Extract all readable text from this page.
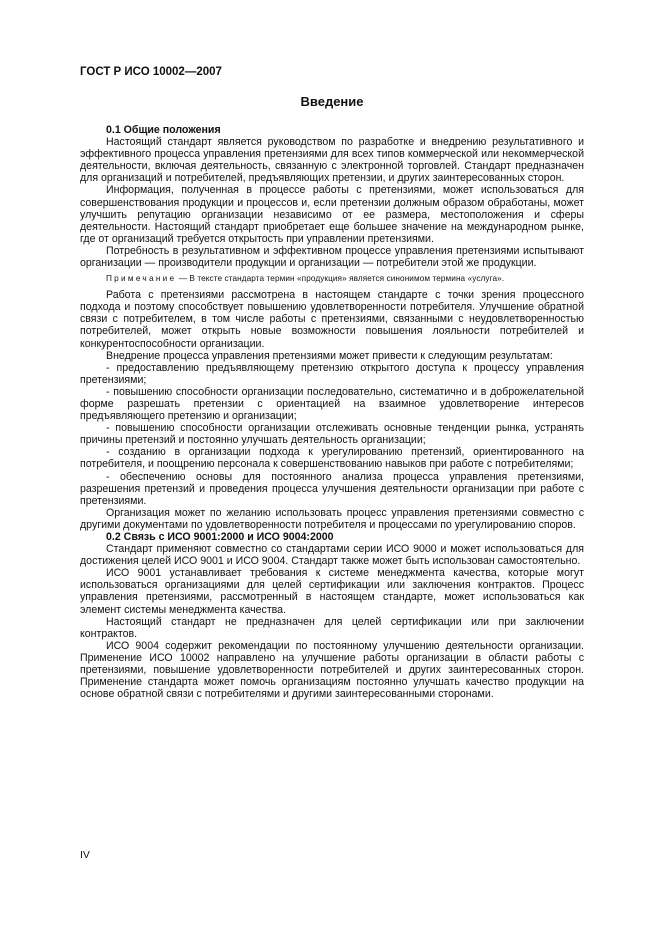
ГОСТ Р ИСО 10002—2007
Введение

0.1 Общие положения

Настоящий стандарт является руководством по разработке и внедрению результативного и эффективного процесса управления претензиями для всех типов коммерческой или некоммерческой деятельности, включая деятельность, связанную с электронной торговлей. Стандарт предназначен для организаций и потребителей, предъявляющих претензии, и других заинтересованных сторон.

Информация, полученная в процессе работы с претензиями, может использоваться для совершенствования продукции и процессов и, если претензии должным образом обработаны, может улучшить репутацию организации независимо от ее размера, местоположения и сферы деятельности. Настоящий стандарт приобретает еще большее значение на международном рынке, где от организаций требуется открытость при управлении претензиями.

Потребность в результативном и эффективном процессе управления претензиями испытывают организации — производители продукции и организации — потребители этой же продукции.

Примечание — В тексте стандарта термин «продукция» является синонимом термина «услуга».

Работа с претензиями рассмотрена в настоящем стандарте с точки зрения процессного подхода и поэтому способствует повышению удовлетворенности потребителя. Улучшение обратной связи с потребителем, в том числе работы с претензиями, связанными с неудовлетворенностью потребителей, может открыть новые возможности повышения лояльности потребителей и конкурентоспособности организации.

Внедрение процесса управления претензиями может привести к следующим результатам:

- предоставлению предъявляющему претензию открытого доступа к процессу управления претензиями;

- повышению способности организации последовательно, систематично и в доброжелательной форме разрешать претензии с ориентацией на взаимное удовлетворение интересов предъявляющего претензию и организации;

- повышению способности организации отслеживать основные тенденции рынка, устранять причины претензий и постоянно улучшать деятельность организации;

- созданию в организации подхода к урегулированию претензий, ориентированного на потребителя, и поощрению персонала к совершенствованию навыков при работе с потребителями;

- обеспечению основы для постоянного анализа процесса управления претензиями, разрешения претензий и проведения процесса улучшения деятельности организации при работе с претензиями.

Организация может по желанию использовать процесс управления претензиями совместно с другими документами по удовлетворенности потребителя и процессами по урегулированию споров.

0.2 Связь с ИСО 9001:2000 и ИСО 9004:2000

Стандарт применяют совместно со стандартами серии ИСО 9000 и может использоваться для достижения целей ИСО 9001 и ИСО 9004. Стандарт также может быть использован самостоятельно.

ИСО 9001 устанавливает требования к системе менеджмента качества, которые могут использоваться организациями для целей сертификации или заключения контрактов. Процесс управления претензиями, рассмотренный в настоящем стандарте, может использоваться как элемент системы менеджмента качества.

Настоящий стандарт не предназначен для целей сертификации или при заключении контрактов.

ИСО 9004 содержит рекомендации по постоянному улучшению деятельности организации. Применение ИСО 10002 направлено на улучшение работы организации в области работы с претензиями, повышение удовлетворенности потребителей и других заинтересованных сторон. Применение стандарта может помочь организациям постоянно улучшать качество продукции на основе обратной связи с потребителями и другими заинтересованными сторонами.

IV
